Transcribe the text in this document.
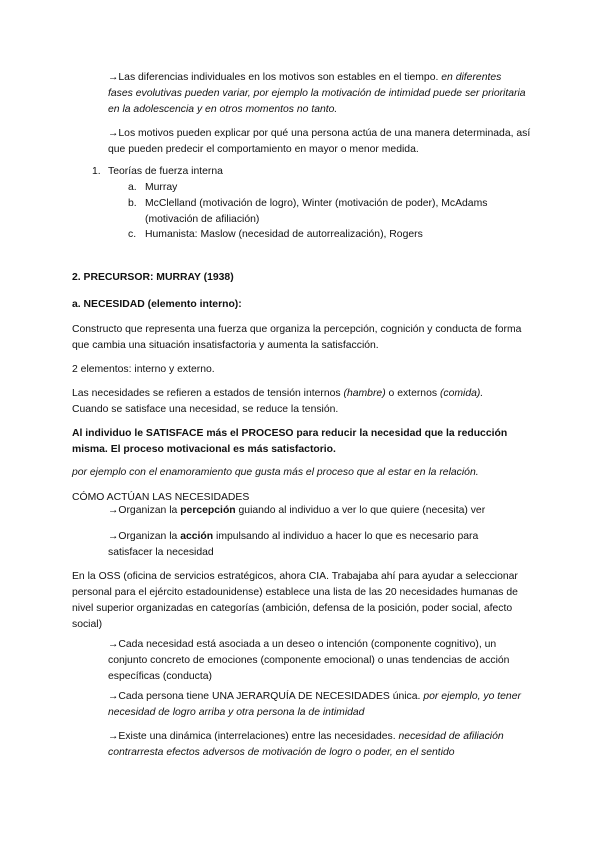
→Las diferencias individuales en los motivos son estables en el tiempo. en diferentes fases evolutivas pueden variar, por ejemplo la motivación de intimidad puede ser prioritaria en la adolescencia y en otros momentos no tanto.
→Los motivos pueden explicar por qué una persona actúa de una manera determinada, así que pueden predecir el comportamiento en mayor o menor medida.
1. Teorías de fuerza interna
a. Murray
b. McClelland (motivación de logro), Winter (motivación de poder), McAdams (motivación de afiliación)
c. Humanista: Maslow (necesidad de autorrealización), Rogers
2. PRECURSOR: MURRAY (1938)
a. NECESIDAD (elemento interno):
Constructo que representa una fuerza que organiza la percepción, cognición y conducta de forma que cambia una situación insatisfactoria y aumenta la satisfacción.
2 elementos: interno y externo.
Las necesidades se refieren a estados de tensión internos (hambre) o externos (comida). Cuando se satisface una necesidad, se reduce la tensión.
Al individuo le SATISFACE más el PROCESO para reducir la necesidad que la reducción misma. El proceso motivacional es más satisfactorio.
por ejemplo con el enamoramiento que gusta más el proceso que al estar en la relación.
CÓMO ACTÚAN LAS NECESIDADES
→Organizan la percepción guiando al individuo a ver lo que quiere (necesita) ver
→Organizan la acción impulsando al individuo a hacer lo que es necesario para satisfacer la necesidad
En la OSS (oficina de servicios estratégicos, ahora CIA. Trabajaba ahí para ayudar a seleccionar personal para el ejército estadounidense) establece una lista de las 20 necesidades humanas de nivel superior organizadas en categorías (ambición, defensa de la posición, poder social, afecto social)
→Cada necesidad está asociada a un deseo o intención (componente cognitivo), un conjunto concreto de emociones (componente emocional) o unas tendencias de acción específicas (conducta)
→Cada persona tiene UNA JERARQUÍA DE NECESIDADES única. por ejemplo, yo tener necesidad de logro arriba y otra persona la de intimidad
→Existe una dinámica (interrelaciones) entre las necesidades. necesidad de afiliación contrarresta efectos adversos de motivación de logro o poder, en el sentido
